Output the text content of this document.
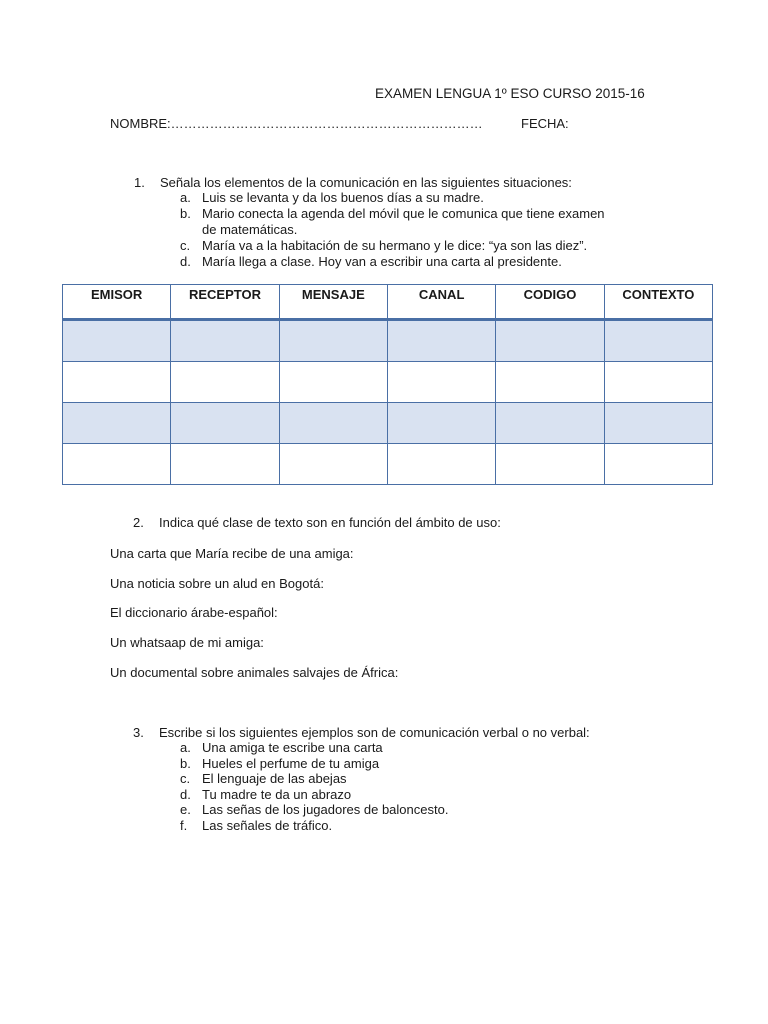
EXAMEN LENGUA 1º ESO CURSO 2015-16
NOMBRE:………………………………………………………………	FECHA:
1. Señala los elementos de la comunicación en las siguientes situaciones:
a. Luis se levanta y da los buenos días a su madre.
b. Mario conecta la agenda del móvil que le comunica que tiene examen
de matemáticas.
c. María va a la habitación de su hermano y le dice: “ya son las diez”.
d. María llega a clase. Hoy van a escribir una carta al presidente.
EMISOR	RECEPTOR	MENSAJE	CANAL	CODIGO	CONTEXTO

2. Indica qué clase de texto son en función del ámbito de uso:
Una carta que María recibe de una amiga:
Una noticia sobre un alud en Bogotá:
El diccionario árabe-español:
Un whatsaap de mi amiga:
Un documental sobre animales salvajes de África:
3. Escribe si los siguientes ejemplos son de comunicación verbal o no verbal:
a. Una amiga te escribe una carta
b. Hueles el perfume de tu amiga
c. El lenguaje de las abejas
d. Tu madre te da un abrazo
e. Las señas de los jugadores de baloncesto.
f. Las señales de tráfico.
